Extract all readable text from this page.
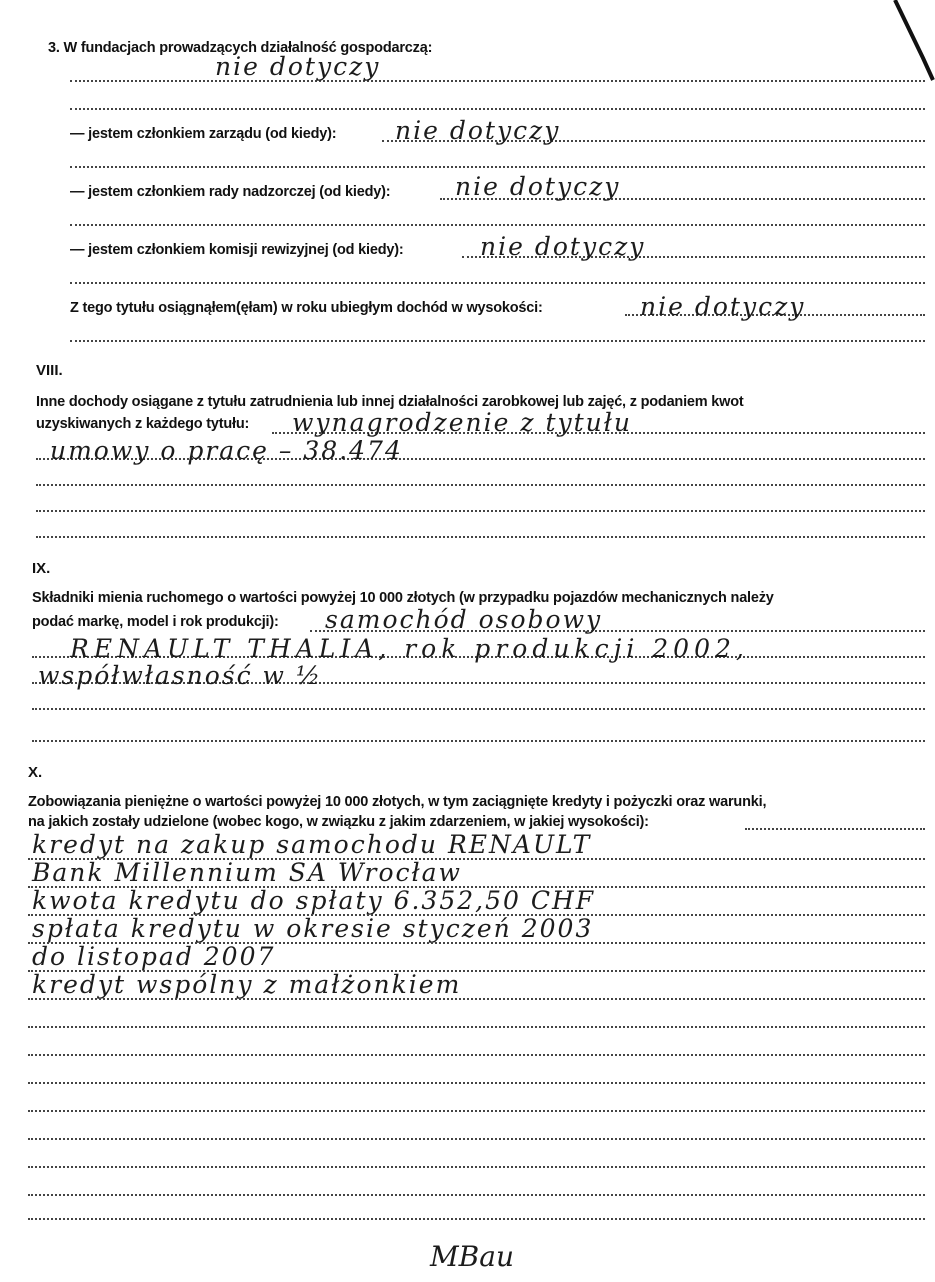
3. W fundacjach prowadzących działalność gospodarczą:
nie dotyczy
— jestem członkiem zarządu (od kiedy): nie dotyczy
— jestem członkiem rady nadzorczej (od kiedy):	nie dotyczy
— jestem członkiem komisji rewizyjnej (od kiedy):	nie dotyczy
Z tego tytułu osiągnąłem(ęłam) w roku ubiegłym dochód w wysokości:	nie dotyczy
VIII.
Inne dochody osiągane z tytułu zatrudnienia lub innej działalności zarobkowej lub zajęć, z podaniem kwot
uzyskiwanych z każdego tytułu: wynagrodzenie z tytułu
umowy o pracę – 38.474
IX.
Składniki mienia ruchomego o wartości powyżej 10 000 złotych (w przypadku pojazdów mechanicznych należy
podać markę, model i rok produkcji): samochód osobowy
RENAULT THALIA, rok produkcji 2002,
współwłasność w ½
X.
Zobowiązania pieniężne o wartości powyżej 10 000 złotych, w tym zaciągnięte kredyty i pożyczki oraz warunki,
na jakich zostały udzielone (wobec kogo, w związku z jakim zdarzeniem, w jakiej wysokości):
kredyt na zakup samochodu RENAULT
Bank Millennium SA Wrocław
kwota kredytu do spłaty 6.352,50 CHF
spłata kredytu w okresie styczeń 2003
do listopad 2007
kredyt wspólny z małżonkiem
MBau
